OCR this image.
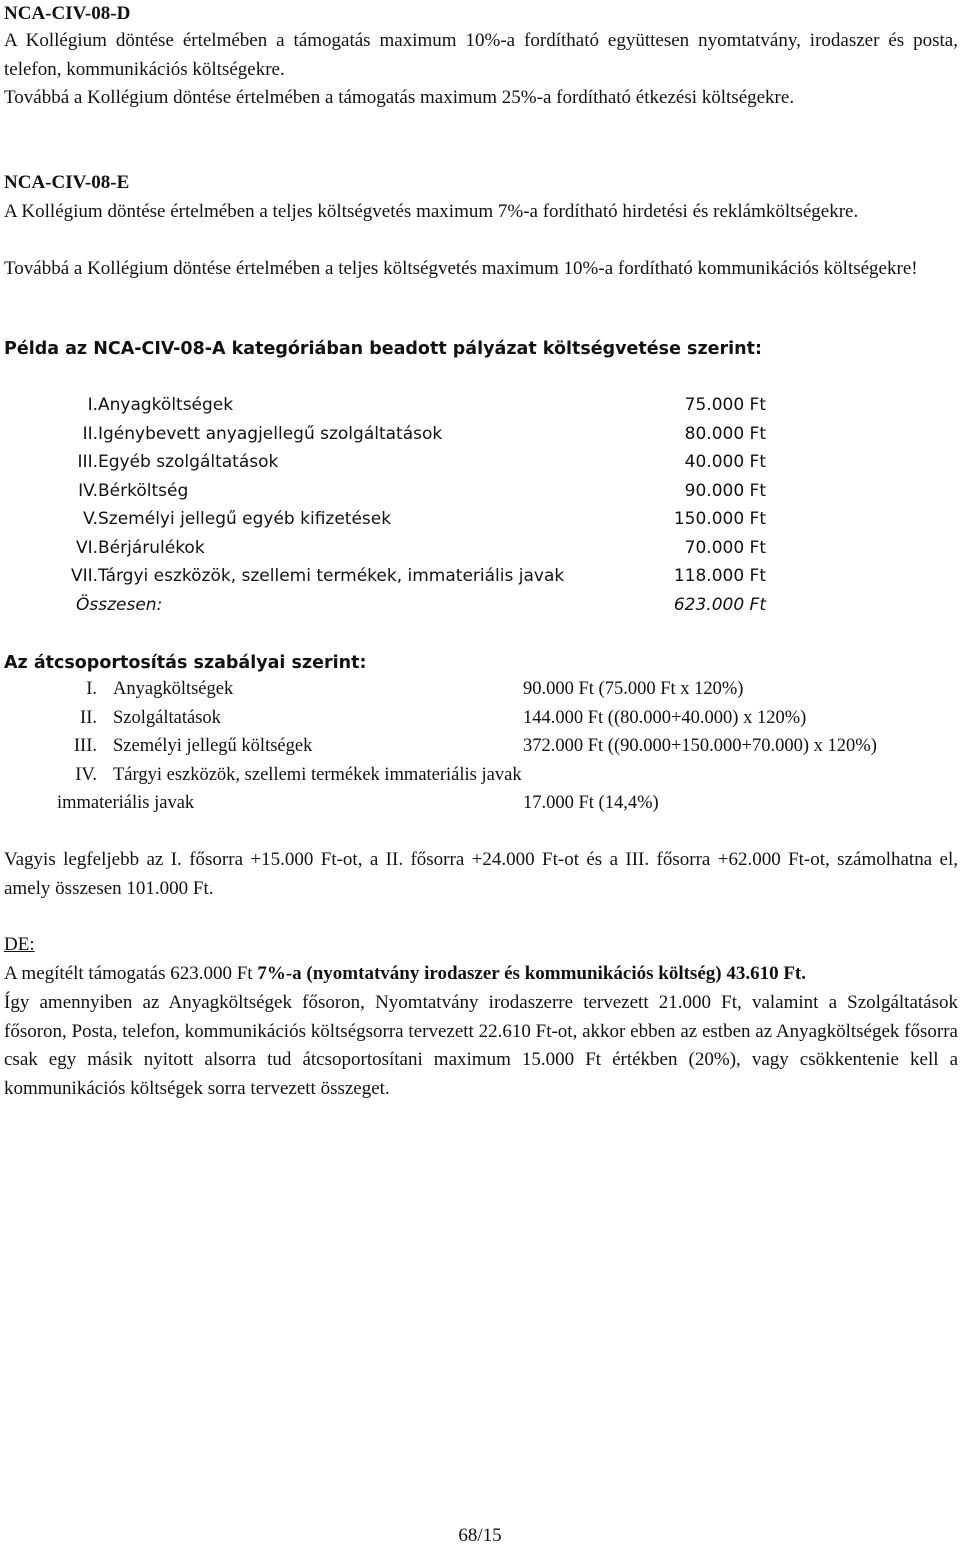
NCA-CIV-08-D

A Kollégium döntése értelmében a támogatás maximum 10%-a fordítható együttesen nyomtatvány, irodaszer és posta, telefon, kommunikációs költségekre.

Továbbá a Kollégium döntése értelmében a támogatás maximum 25%-a fordítható étkezési költségekre.

NCA-CIV-08-E

A Kollégium döntése értelmében a teljes költségvetés maximum 7%-a fordítható hirdetési és reklámköltségekre.

Továbbá a Kollégium döntése értelmében a teljes költségvetés maximum 10%-a fordítható kommunikációs költségekre!

Példa az NCA-CIV-08-A kategóriában beadott pályázat költségvetése szerint:

I. Anyagköltségek	75.000 Ft
II. Igénybevett anyagjellegű szolgáltatások	80.000 Ft
III. Egyéb szolgáltatások	40.000 Ft
IV. Bérköltség	90.000 Ft
V. Személyi jellegű egyéb kifizetések	150.000 Ft
VI. Bérjárulékok	70.000 Ft
VII. Tárgyi eszközök, szellemi termékek, immateriális javak	118.000 Ft
Összesen:	623.000 Ft

Az átcsoportosítás szabályai szerint:

I. Anyagköltségek	90.000 Ft (75.000 Ft x 120%)
II. Szolgáltatások	144.000 Ft ((80.000+40.000) x 120%)
III. Személyi jellegű költségek	372.000 Ft ((90.000+150.000+70.000) x 120%)
IV. Tárgyi eszközök, szellemi termékek immateriális javak
immateriális javak	17.000 Ft (14,4%)

Vagyis legfeljebb az I. fősorra +15.000 Ft-ot, a II. fősorra +24.000 Ft-ot és a III. fősorra +62.000 Ft-ot, számolhatna el, amely összesen 101.000 Ft.

DE:

A megítélt támogatás 623.000 Ft 7%-a (nyomtatvány irodaszer és kommunikációs költség) 43.610 Ft.

Így amennyiben az Anyagköltségek fősoron, Nyomtatvány irodaszerre tervezett 21.000 Ft, valamint a Szolgáltatások fősoron, Posta, telefon, kommunikációs költségsorra tervezett 22.610 Ft-ot, akkor ebben az estben az Anyagköltségek fősorra csak egy másik nyitott alsorra tud átcsoportosítani maximum 15.000 Ft értékben (20%), vagy csökkentenie kell a kommunikációs költségek sorra tervezett összeget.

68/15
